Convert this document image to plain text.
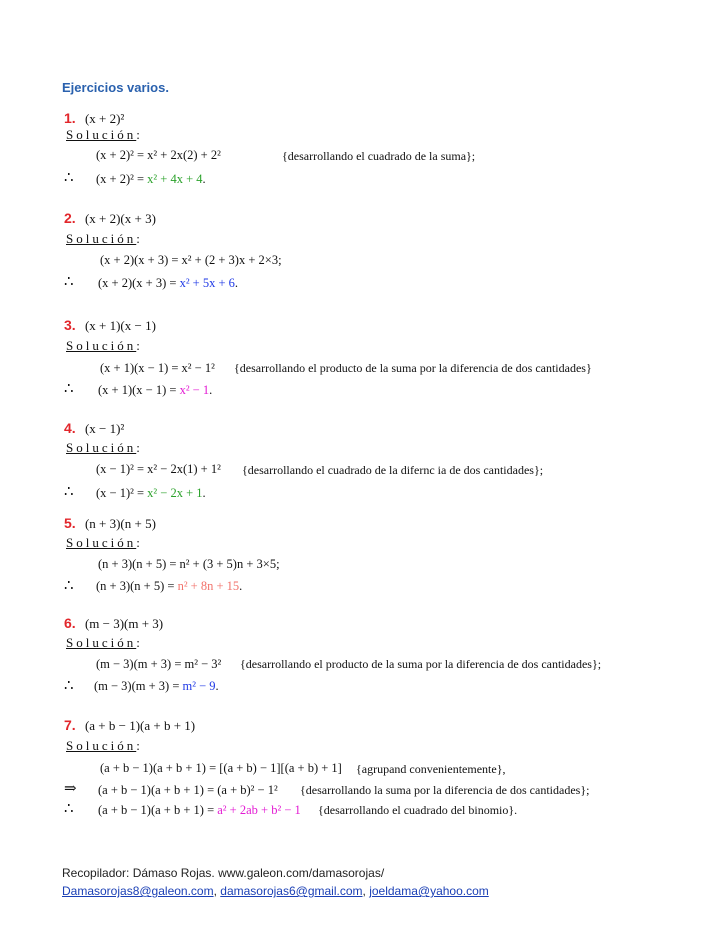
Ejercicios varios.
1. (x + 2)²
Solución:
(x + 2)² = x² + 2x(2) + 2²	{desarrollando el cuadrado de la suma};
∴ (x + 2)² = x² + 4x + 4.
2. (x + 2)(x + 3)
Solución:
(x + 2)(x + 3) = x² + (2 + 3)x + 2×3;
∴ (x + 2)(x + 3) = x² + 5x + 6.
3. (x + 1)(x − 1)
Solución:
(x + 1)(x − 1) = x² − 1² {desarrollando el producto de la suma por la diferencia de dos cantidades}
∴ (x + 1)(x − 1) = x² − 1.
4. (x − 1)²
Solución:
(x − 1)² = x² − 2x(1) + 1² {desarrollando el cuadrado de la difernc ia de dos cantidades};
∴ (x − 1)² = x² − 2x + 1.
5. (n + 3)(n + 5)
Solución:
(n + 3)(n + 5) = n² + (3 + 5)n + 3×5;
∴ (n + 3)(n + 5) = n² + 8n + 15.
6. (m − 3)(m + 3)
Solución:
(m − 3)(m + 3) = m² − 3² {desarrollando el producto de la suma por la diferencia de dos cantidades};
∴ (m − 3)(m + 3) = m² − 9.
7. (a + b − 1)(a + b + 1)
Solución:
(a + b − 1)(a + b + 1) = [(a + b) − 1][(a + b) + 1] {agrupand convenientemente},
⇒ (a + b − 1)(a + b + 1) = (a + b)² − 1² {desarrollando la suma por la diferencia de dos cantidades};
∴ (a + b − 1)(a + b + 1) = a² + 2ab + b² − 1 {desarrollando el cuadrado del binomio}.
Recopilador: Dámaso Rojas. www.galeon.com/damasorojas/
Damasorojas8@galeon.com, damasorojas6@gmail.com, joeldama@yahoo.com
